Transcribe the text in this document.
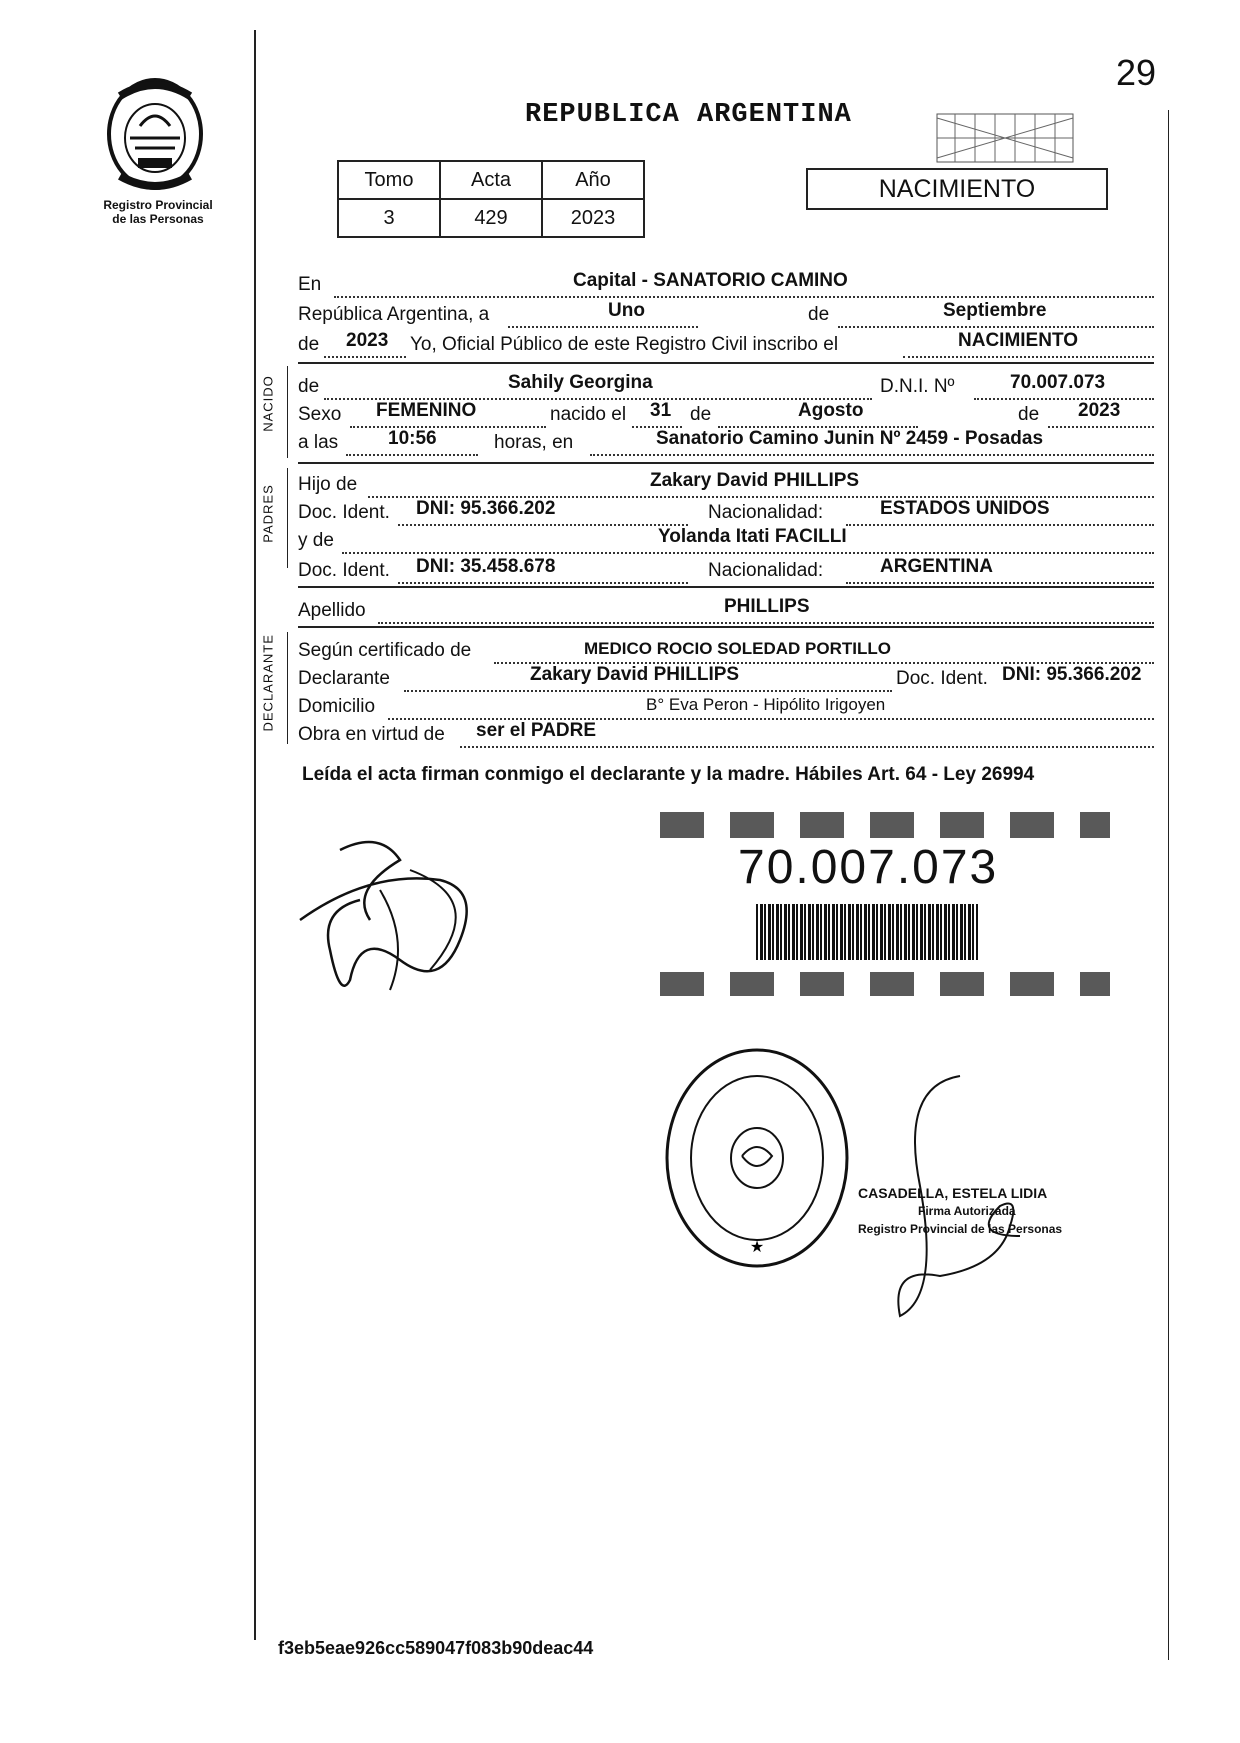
29
Registro Provincial
de las Personas
REPUBLICA ARGENTINA
NACIMIENTO
Tomo	Acta	Año
3	429	2023
NACIDO
PADRES
DECLARANTE
En	Capital - SANATORIO CAMINO
República Argentina, a	Uno	de	Septiembre
de 2023 Yo, Oficial Público de este Registro Civil inscribo el	NACIMIENTO
de	Sahily Georgina	D.N.I. Nº	70.007.073
Sexo FEMENINO	nacido el 31 de	Agosto	de 2023
a las	10:56	horas, en	Sanatorio Camino Junin Nº 2459 - Posadas
Hijo de	Zakary David PHILLIPS
Doc. Ident. DNI: 95.366.202	Nacionalidad:	ESTADOS UNIDOS
y de	Yolanda Itati FACILLI
Doc. Ident. DNI: 35.458.678	Nacionalidad:	ARGENTINA
Apellido	PHILLIPS
Según certificado de	MEDICO ROCIO SOLEDAD PORTILLO
Declarante	Zakary David PHILLIPS	Doc. Ident. DNI: 95.366.202
Domicilio	B° Eva Peron - Hipólito Irigoyen
Obra en virtud de ser el PADRE
Leída el acta firman conmigo el declarante y la madre. Hábiles Art. 64 - Ley 26994
70.007.073
★
CASADELLA, ESTELA LIDIA
Firma Autorizada
Registro Provincial de las Personas
f3eb5eae926cc589047f083b90deac44
